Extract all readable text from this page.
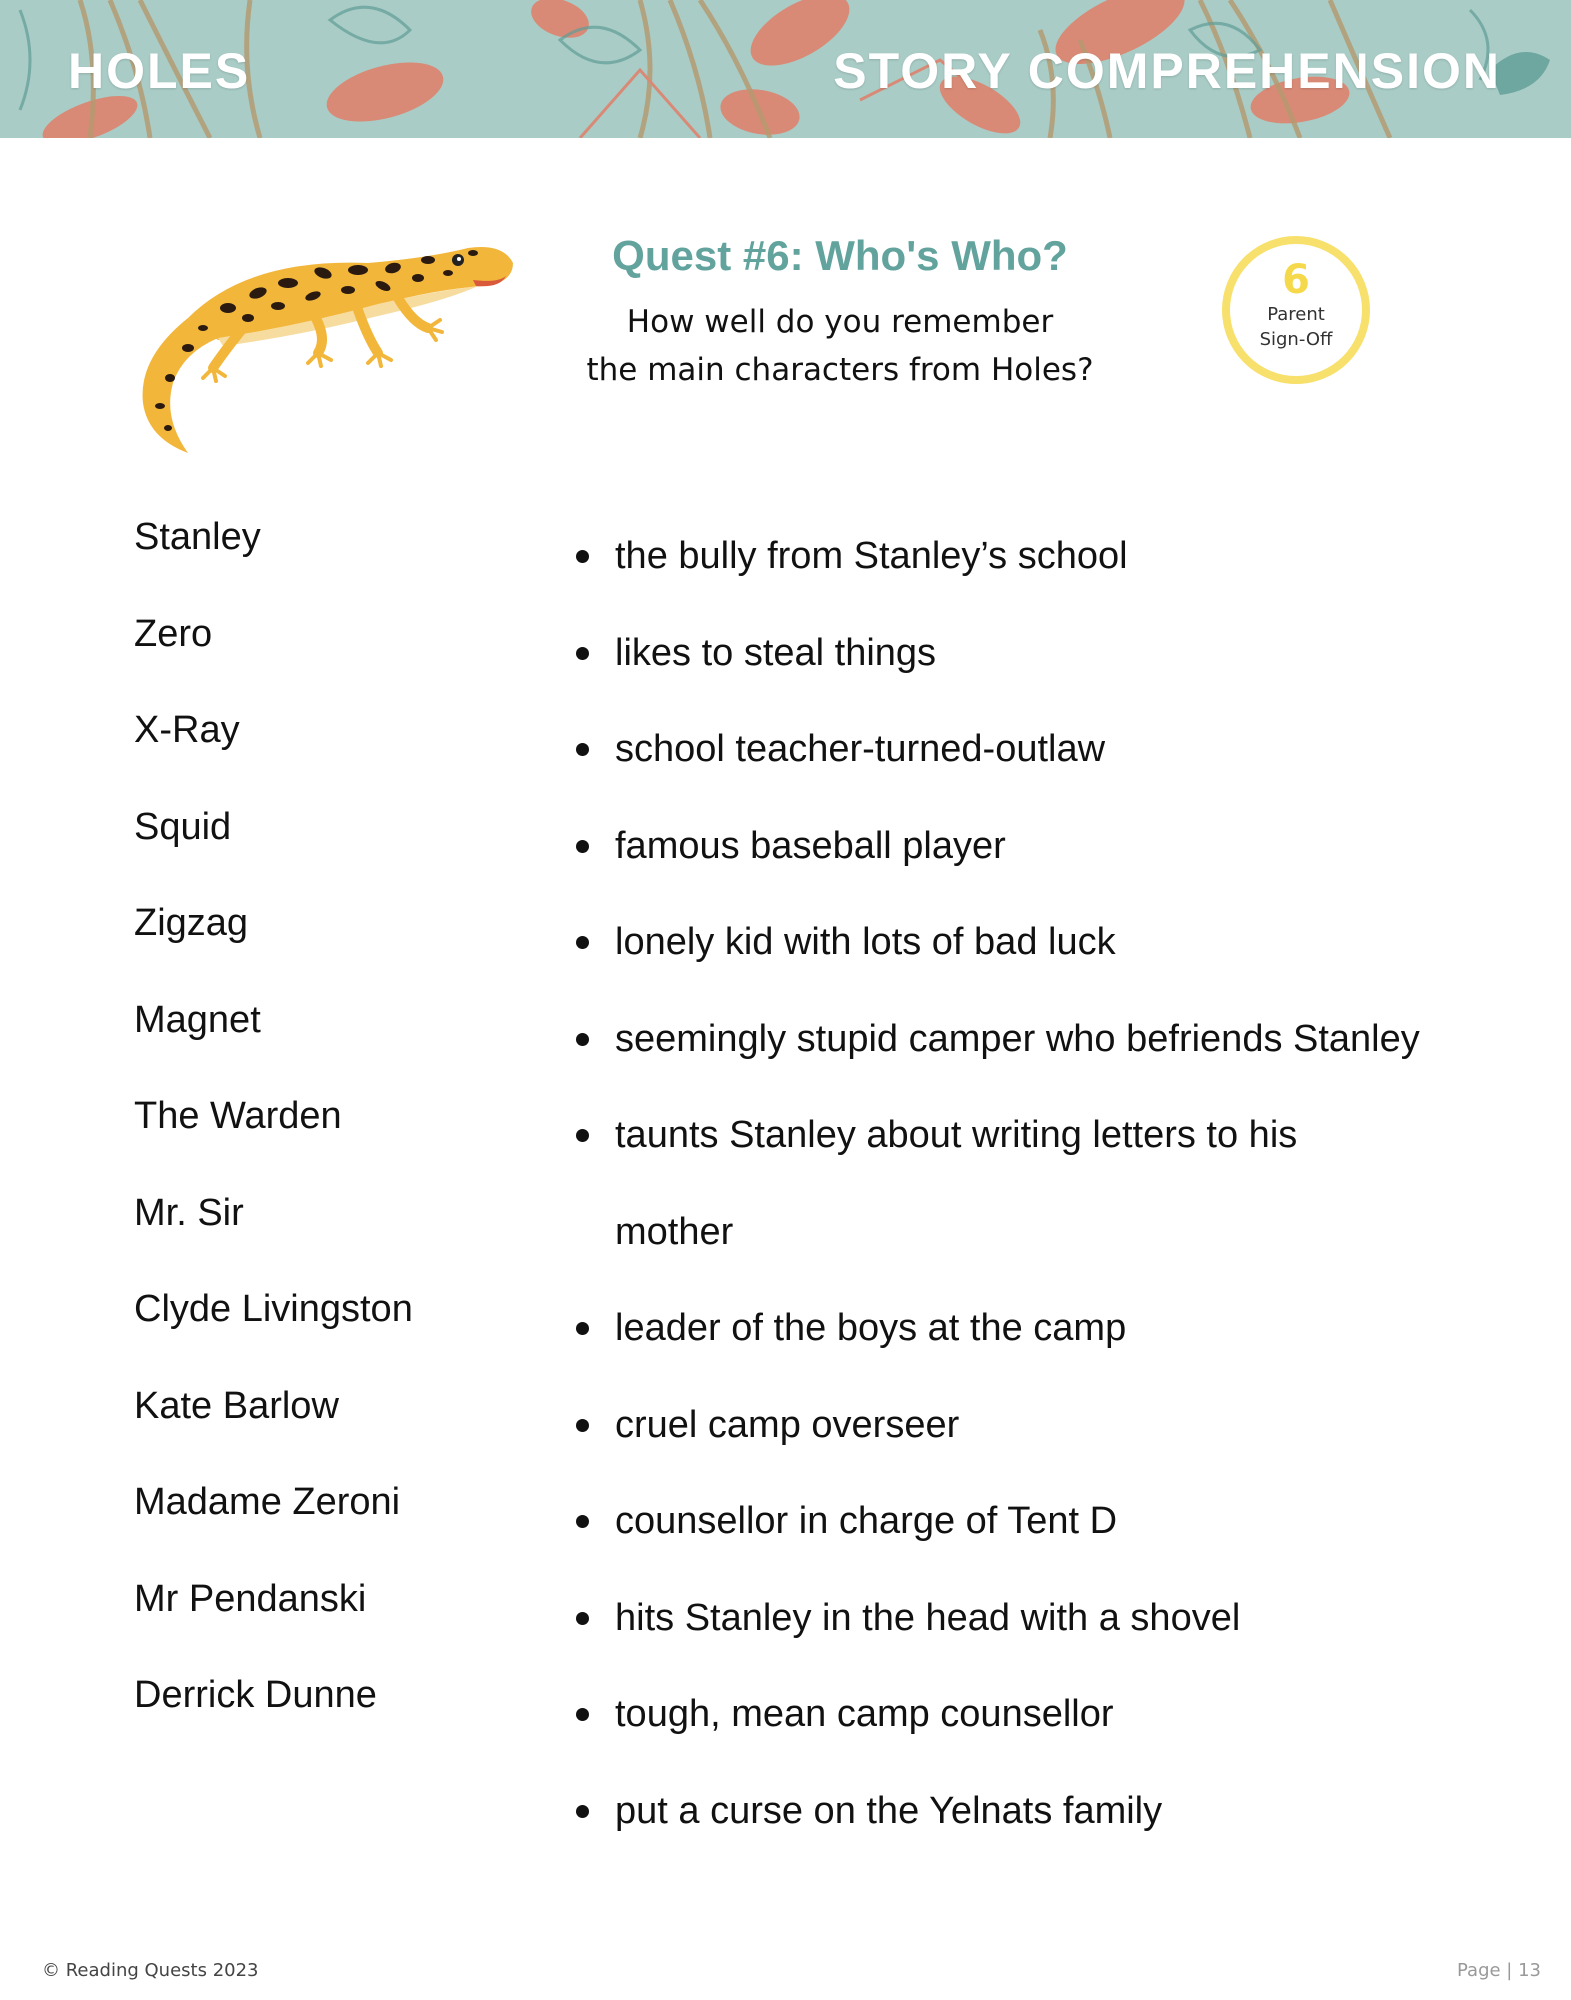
HOLES	STORY COMPREHENSION
Quest #6: Who's Who?
How well do you remember
the main characters from Holes?
6
Parent Sign-Off
Stanley
Zero
X-Ray
Squid
Zigzag
Magnet
The Warden
Mr. Sir
Clyde Livingston
Kate Barlow
Madame Zeroni
Mr Pendanski
Derrick Dunne
the bully from Stanley’s school
likes to steal things
school teacher-turned-outlaw
famous baseball player
lonely kid with lots of bad luck
seemingly stupid camper who befriends Stanley
taunts Stanley about writing letters to his mother
leader of the boys at the camp
cruel camp overseer
counsellor in charge of Tent D
hits Stanley in the head with a shovel
tough, mean camp counsellor
put a curse on the Yelnats family
© Reading Quests 2023	Page | 13
